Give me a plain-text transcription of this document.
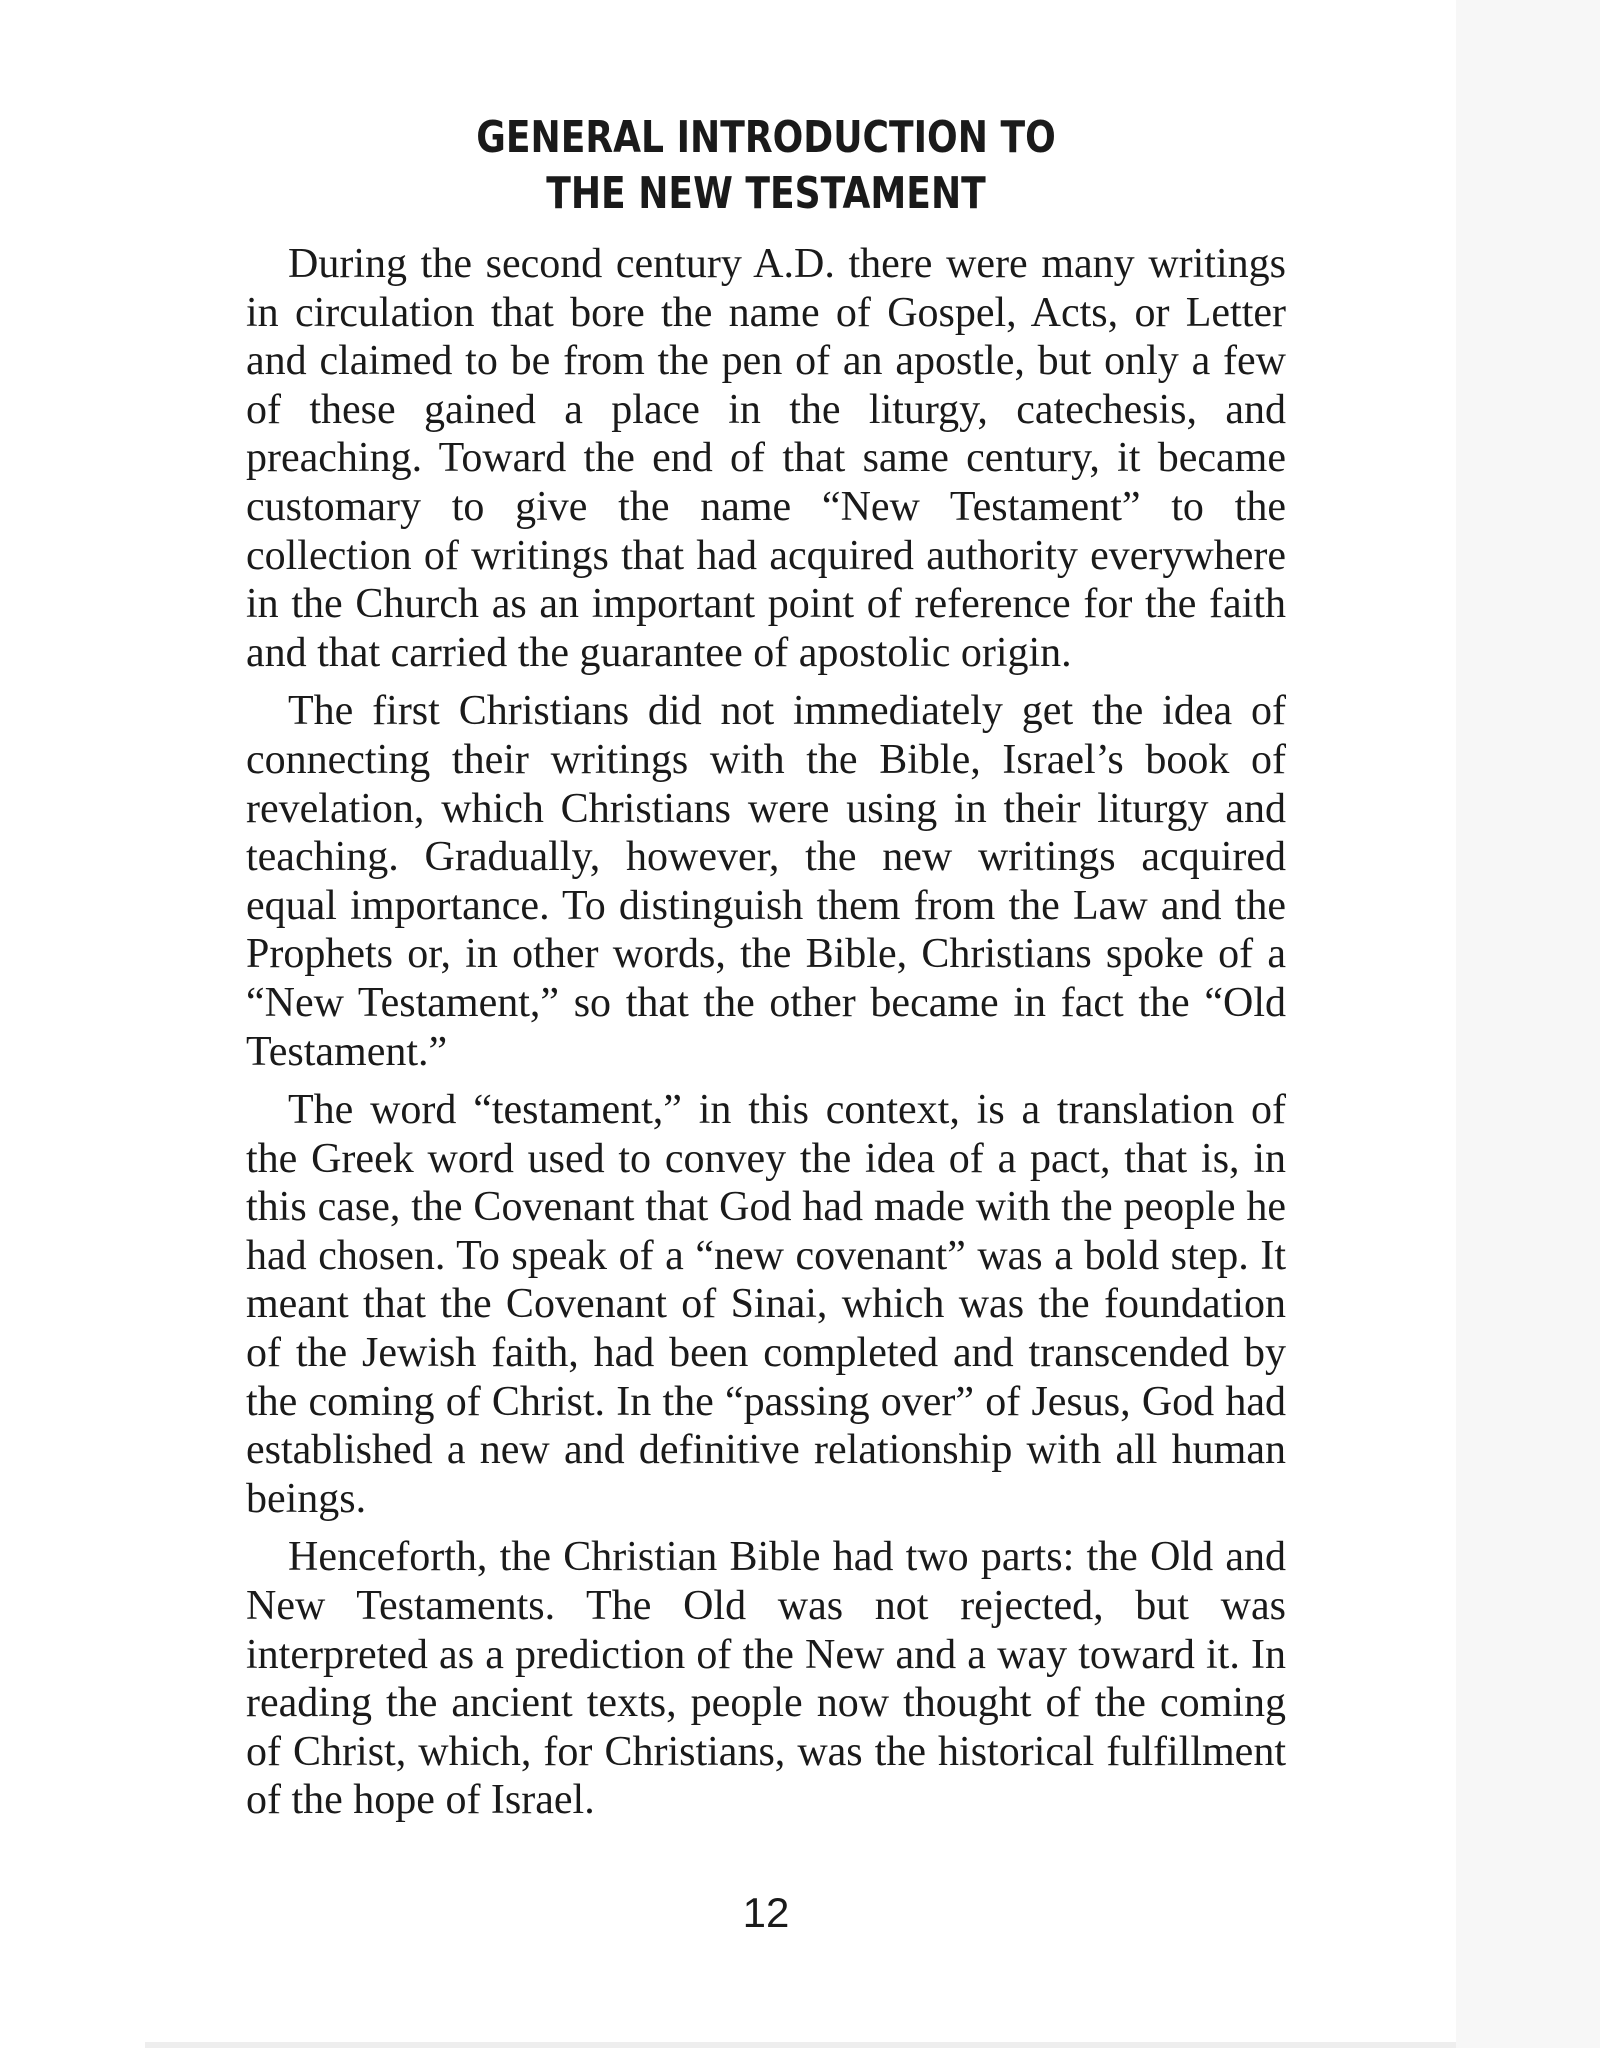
GENERAL INTRODUCTION TO
THE NEW TESTAMENT

During the second century A.D. there were many writings in circulation that bore the name of Gospel, Acts, or Letter and claimed to be from the pen of an apostle, but only a few of these gained a place in the liturgy, catechesis, and preaching. Toward the end of that same century, it became customary to give the name “New Testament” to the collection of writings that had acquired authority everywhere in the Church as an important point of reference for the faith and that carried the guarantee of apostolic origin.

The first Christians did not immediately get the idea of connecting their writings with the Bible, Israel’s book of revelation, which Christians were using in their liturgy and teaching. Gradually, however, the new writings acquired equal importance. To distinguish them from the Law and the Prophets or, in other words, the Bible, Christians spoke of a “New Testament,” so that the other became in fact the “Old Testament.”

The word “testament,” in this context, is a translation of the Greek word used to convey the idea of a pact, that is, in this case, the Covenant that God had made with the people he had chosen. To speak of a “new covenant” was a bold step. It meant that the Covenant of Sinai, which was the foundation of the Jewish faith, had been completed and transcended by the coming of Christ. In the “passing over” of Jesus, God had established a new and definitive relationship with all human beings.

Henceforth, the Christian Bible had two parts: the Old and New Testaments. The Old was not rejected, but was interpreted as a prediction of the New and a way toward it. In reading the ancient texts, people now thought of the coming of Christ, which, for Christians, was the historical fulfillment of the hope of Israel.

12
